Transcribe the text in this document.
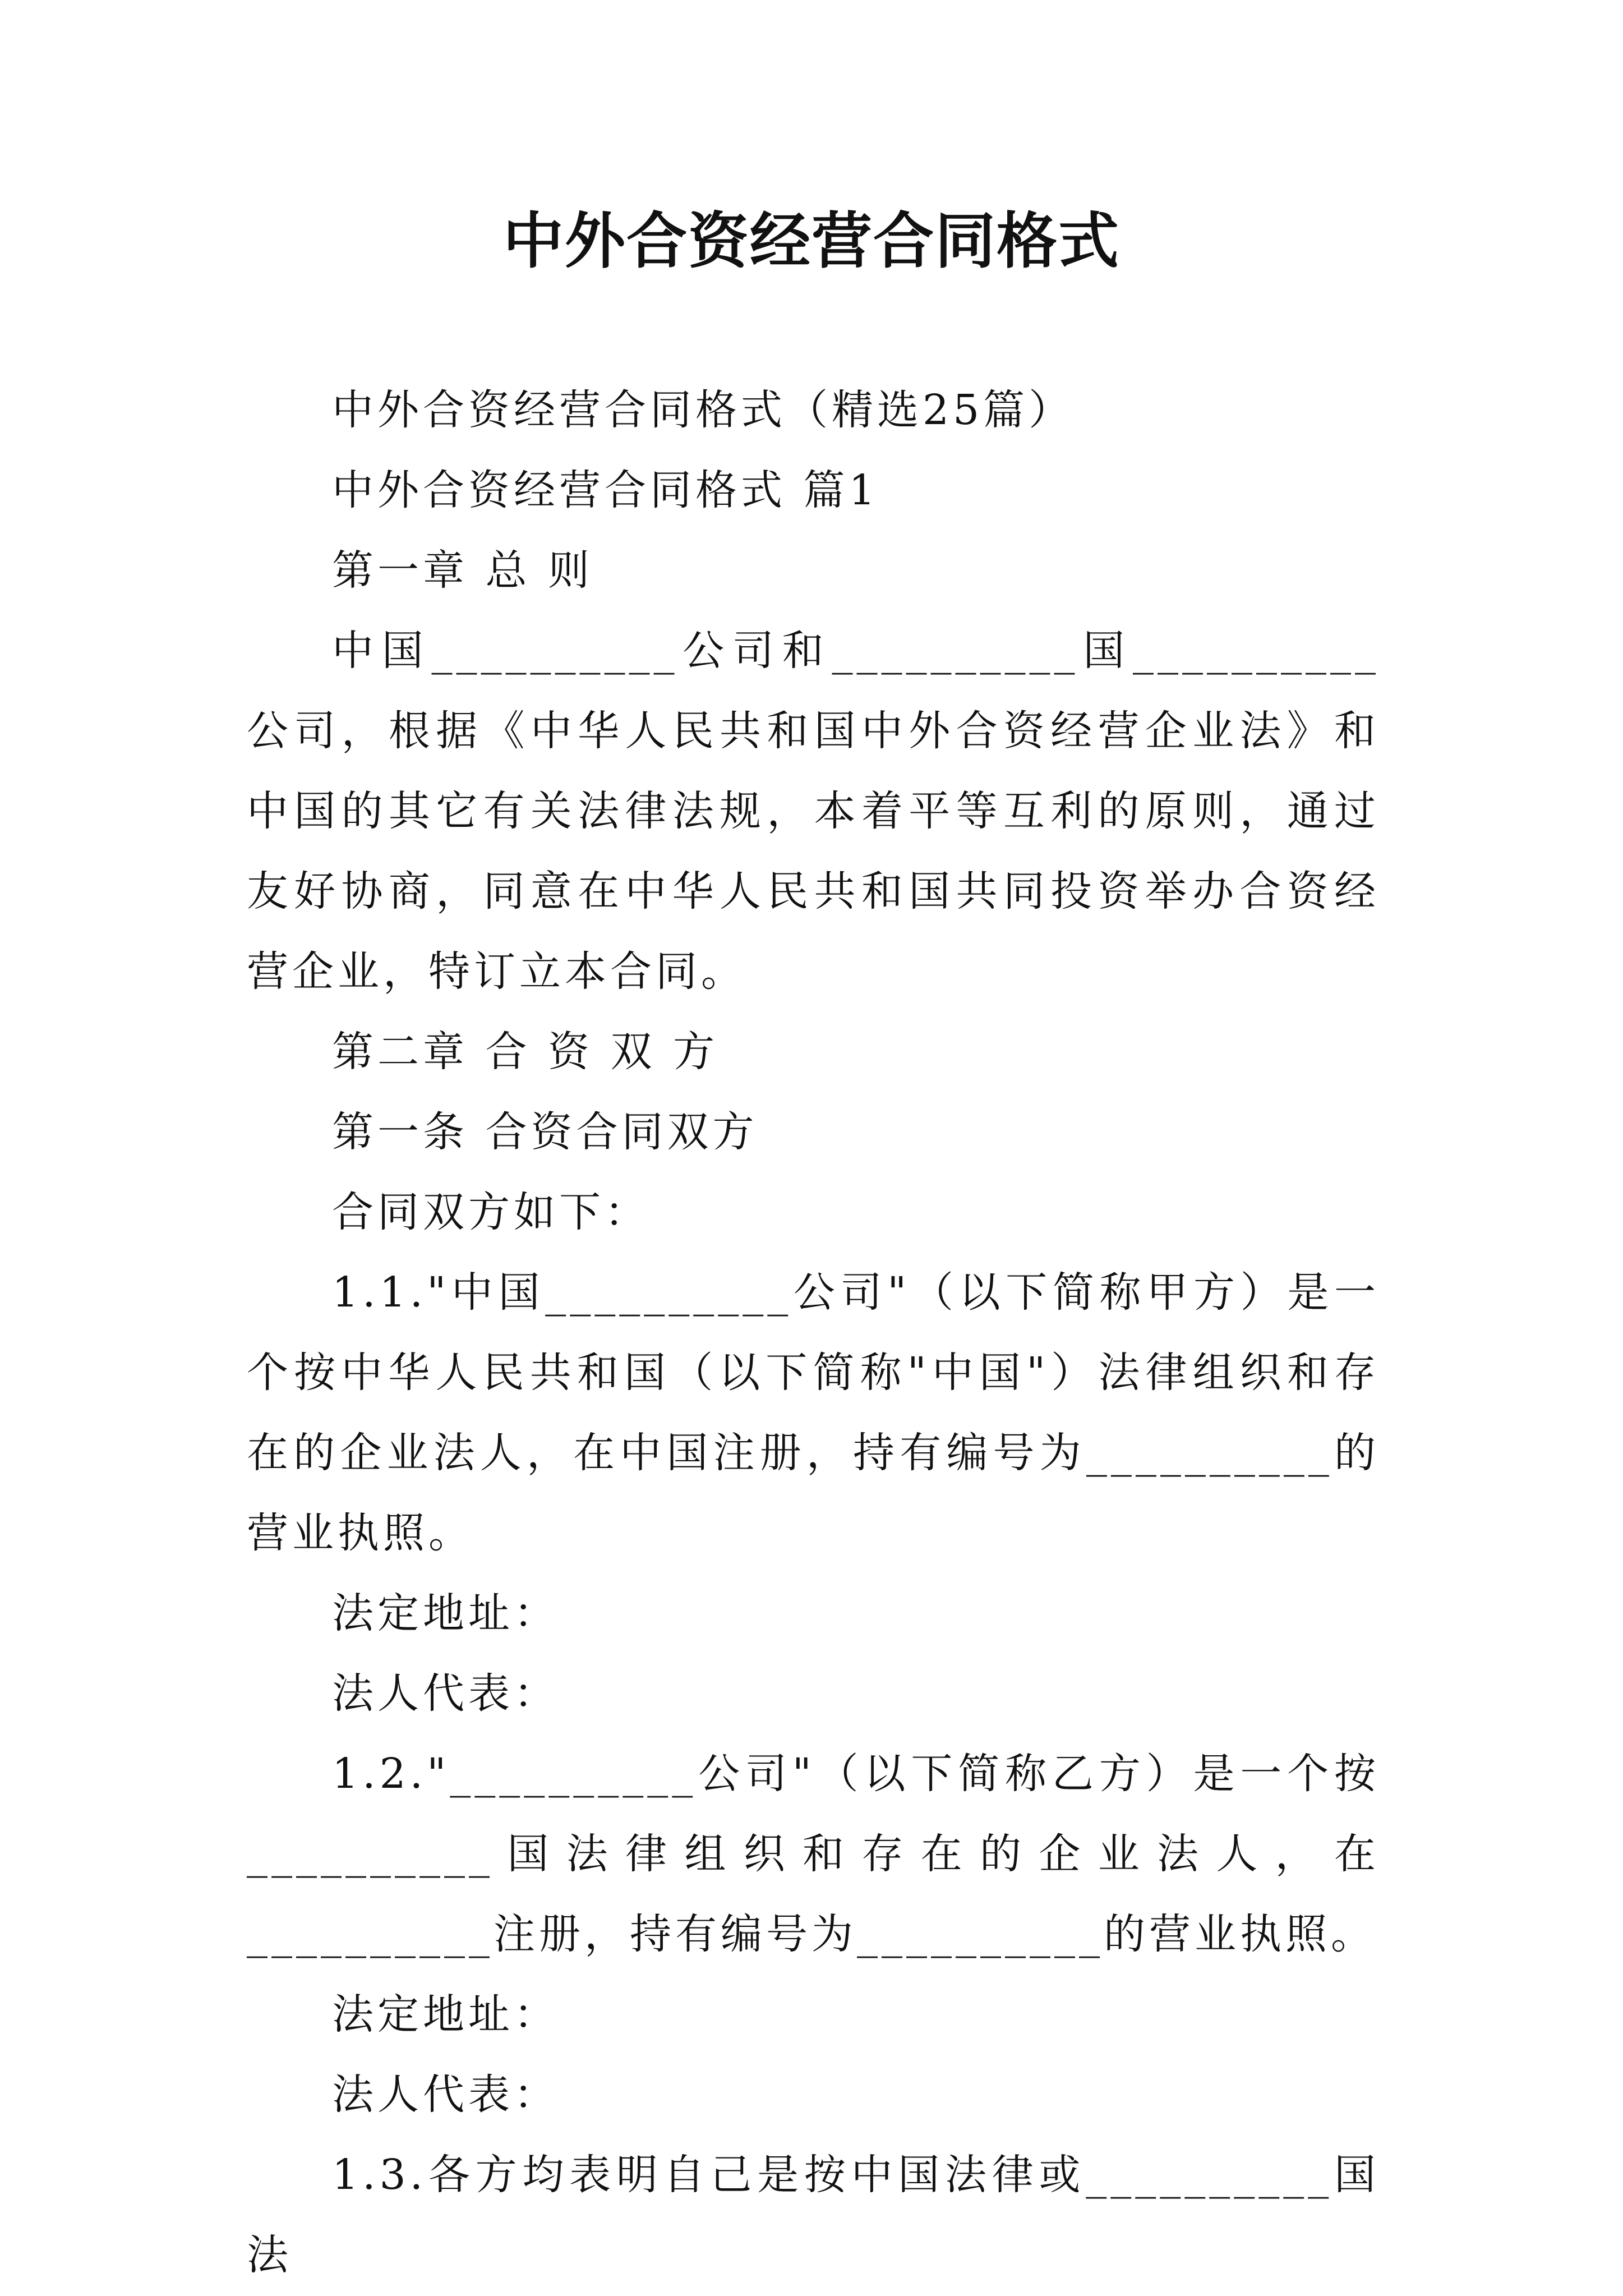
中外合资经营合同格式

中外合资经营合同格式（精选25篇）

中外合资经营合同格式 篇1

第一章 总 则

中国__________公司和__________国__________公司，根据《中华人民共和国中外合资经营企业法》和中国的其它有关法律法规，本着平等互利的原则，通过友好协商，同意在中华人民共和国共同投资举办合资经营企业，特订立本合同。

第二章 合 资 双 方

第一条 合资合同双方

合同双方如下：

1.1."中国__________公司"（以下简称甲方）是一个按中华人民共和国（以下简称"中国"）法律组织和存在的企业法人，在中国注册，持有编号为__________的营业执照。

法定地址：

法人代表：

1.2."__________公司"（以下简称乙方）是一个按__________国法律组织和存在的企业法人，在__________注册，持有编号为__________的营业执照。

法定地址：

法人代表：

1.3.各方均表明自己是按中国法律或__________国法
